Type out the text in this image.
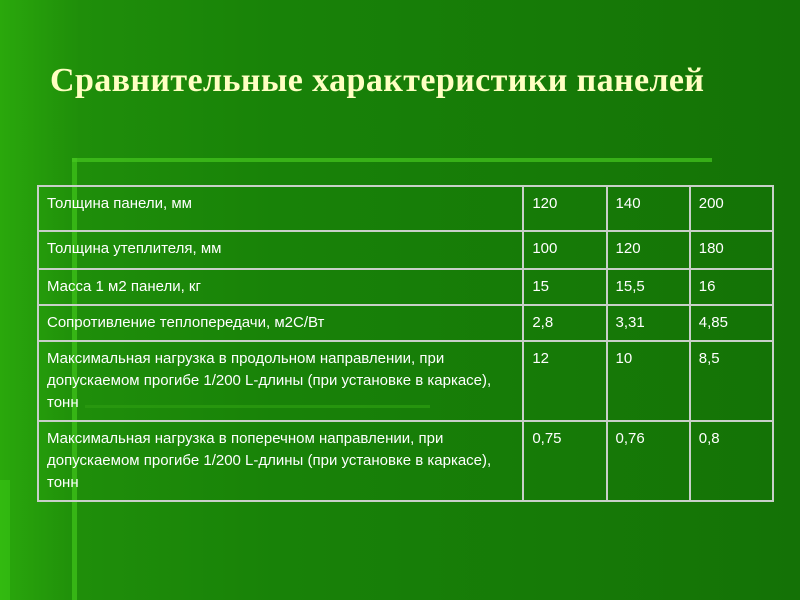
Сравнительные характеристики панелей
Толщина панели, мм	120	140	200
Толщина утеплителя, мм	100	120	180
Масса 1 м2 панели, кг	15	15,5	16
Сопротивление теплопередачи, м2С/Вт	2,8	3,31	4,85
Максимальная нагрузка в продольном направлении, при допускаемом прогибе 1/200 L-длины (при установке в каркасе), тонн	12	10	8,5
Максимальная нагрузка в поперечном направлении, при допускаемом прогибе 1/200 L-длины (при установке в каркасе), тонн	0,75	0,76	0,8
